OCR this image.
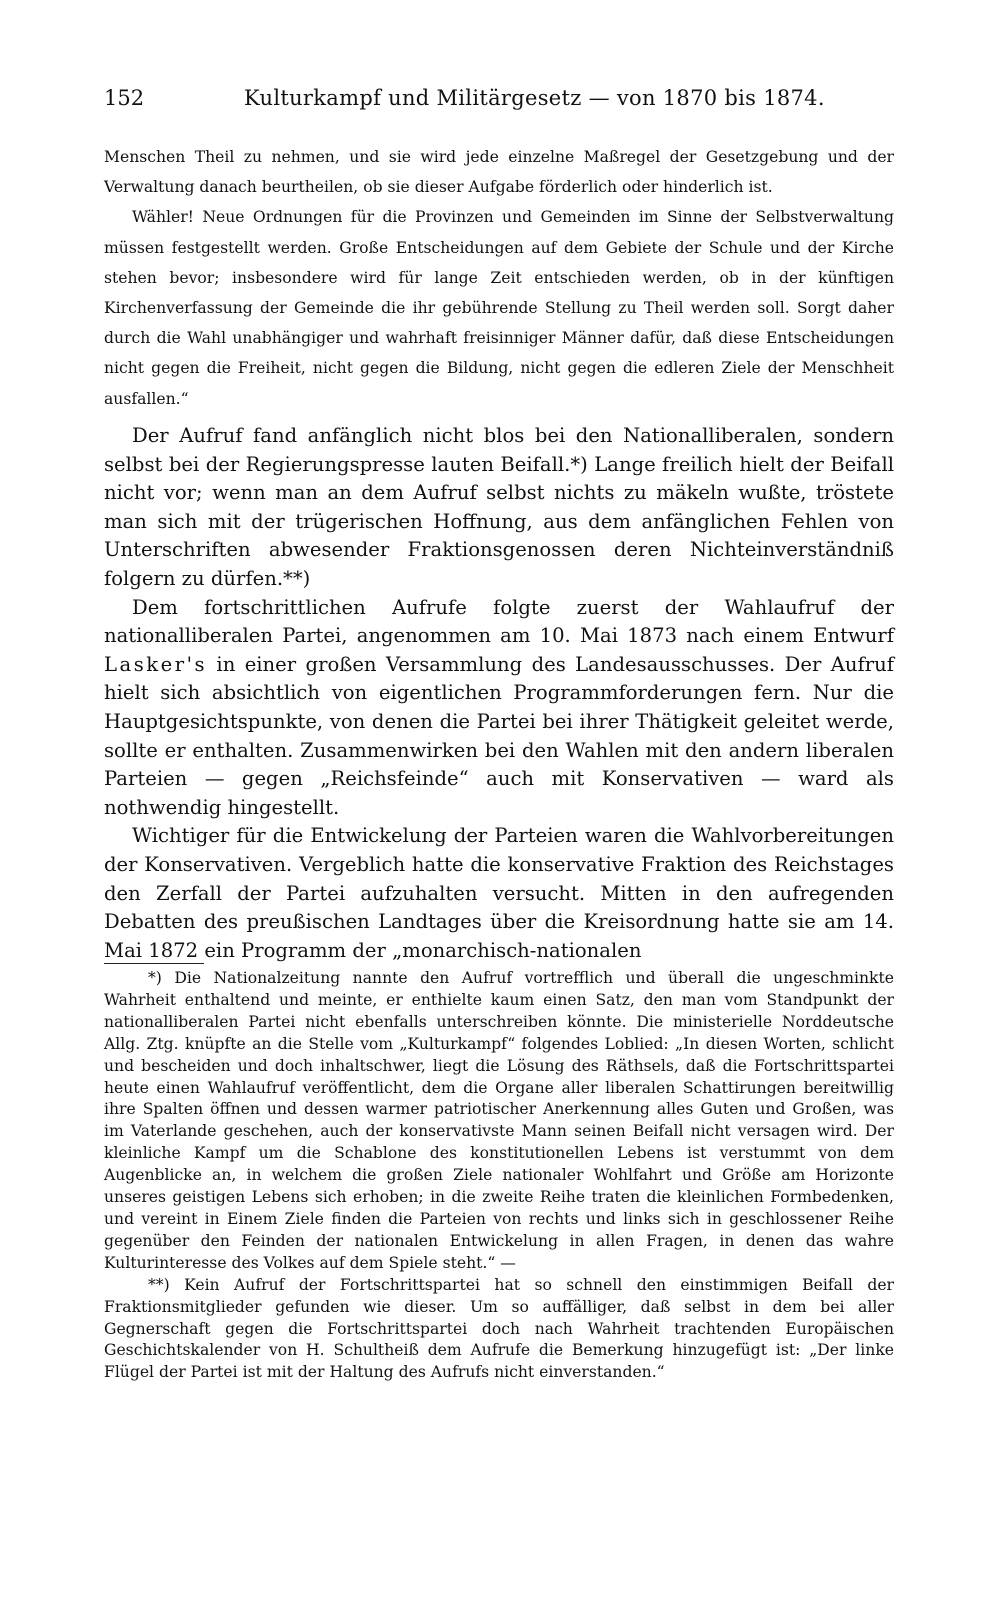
152	Kulturkampf und Militärgesetz — von 1870 bis 1874.

Menschen Theil zu nehmen, und sie wird jede einzelne Maßregel der Gesetzgebung und der Verwaltung danach beurtheilen, ob sie dieser Aufgabe förderlich oder hinderlich ist.

Wähler! Neue Ordnungen für die Provinzen und Gemeinden im Sinne der Selbstverwaltung müssen festgestellt werden. Große Entscheidungen auf dem Gebiete der Schule und der Kirche stehen bevor; insbesondere wird für lange Zeit entschieden werden, ob in der künftigen Kirchenverfassung der Gemeinde die ihr gebührende Stellung zu Theil werden soll. Sorgt daher durch die Wahl unabhängiger und wahrhaft freisinniger Männer dafür, daß diese Entscheidungen nicht gegen die Freiheit, nicht gegen die Bildung, nicht gegen die edleren Ziele der Menschheit ausfallen.“

Der Aufruf fand anfänglich nicht blos bei den Nationalliberalen, sondern selbst bei der Regierungspresse lauten Beifall.*) Lange freilich hielt der Beifall nicht vor; wenn man an dem Aufruf selbst nichts zu mäkeln wußte, tröstete man sich mit der trügerischen Hoffnung, aus dem anfänglichen Fehlen von Unterschriften abwesender Fraktionsgenossen deren Nichteinverständniß folgern zu dürfen.**)

Dem fortschrittlichen Aufrufe folgte zuerst der Wahlaufruf der nationalliberalen Partei, angenommen am 10. Mai 1873 nach einem Entwurf Lasker's in einer großen Versammlung des Landesausschusses. Der Aufruf hielt sich absichtlich von eigentlichen Programmforderungen fern. Nur die Hauptgesichtspunkte, von denen die Partei bei ihrer Thätigkeit geleitet werde, sollte er enthalten. Zusammenwirken bei den Wahlen mit den andern liberalen Parteien — gegen „Reichsfeinde“ auch mit Konservativen — ward als nothwendig hingestellt.

Wichtiger für die Entwickelung der Parteien waren die Wahlvorbereitungen der Konservativen. Vergeblich hatte die konservative Fraktion des Reichstages den Zerfall der Partei aufzuhalten versucht. Mitten in den aufregenden Debatten des preußischen Landtages über die Kreisordnung hatte sie am 14. Mai 1872 ein Programm der „monarchisch-nationalen

*) Die Nationalzeitung nannte den Aufruf vortrefflich und überall die ungeschminkte Wahrheit enthaltend und meinte, er enthielte kaum einen Satz, den man vom Standpunkt der nationalliberalen Partei nicht ebenfalls unterschreiben könnte. Die ministerielle Norddeutsche Allg. Ztg. knüpfte an die Stelle vom „Kulturkampf“ folgendes Loblied: „In diesen Worten, schlicht und bescheiden und doch inhaltschwer, liegt die Lösung des Räthsels, daß die Fortschrittspartei heute einen Wahlaufruf veröffentlicht, dem die Organe aller liberalen Schattirungen bereitwillig ihre Spalten öffnen und dessen warmer patriotischer Anerkennung alles Guten und Großen, was im Vaterlande geschehen, auch der konservativste Mann seinen Beifall nicht versagen wird. Der kleinliche Kampf um die Schablone des konstitutionellen Lebens ist verstummt von dem Augenblicke an, in welchem die großen Ziele nationaler Wohlfahrt und Größe am Horizonte unseres geistigen Lebens sich erhoben; in die zweite Reihe traten die kleinlichen Formbedenken, und vereint in Einem Ziele finden die Parteien von rechts und links sich in geschlossener Reihe gegenüber den Feinden der nationalen Entwickelung in allen Fragen, in denen das wahre Kulturinteresse des Volkes auf dem Spiele steht.“ —

**) Kein Aufruf der Fortschrittspartei hat so schnell den einstimmigen Beifall der Fraktionsmitglieder gefunden wie dieser. Um so auffälliger, daß selbst in dem bei aller Gegnerschaft gegen die Fortschrittspartei doch nach Wahrheit trachtenden Europäischen Geschichtskalender von H. Schultheiß dem Aufrufe die Bemerkung hinzugefügt ist: „Der linke Flügel der Partei ist mit der Haltung des Aufrufs nicht einverstanden.“
